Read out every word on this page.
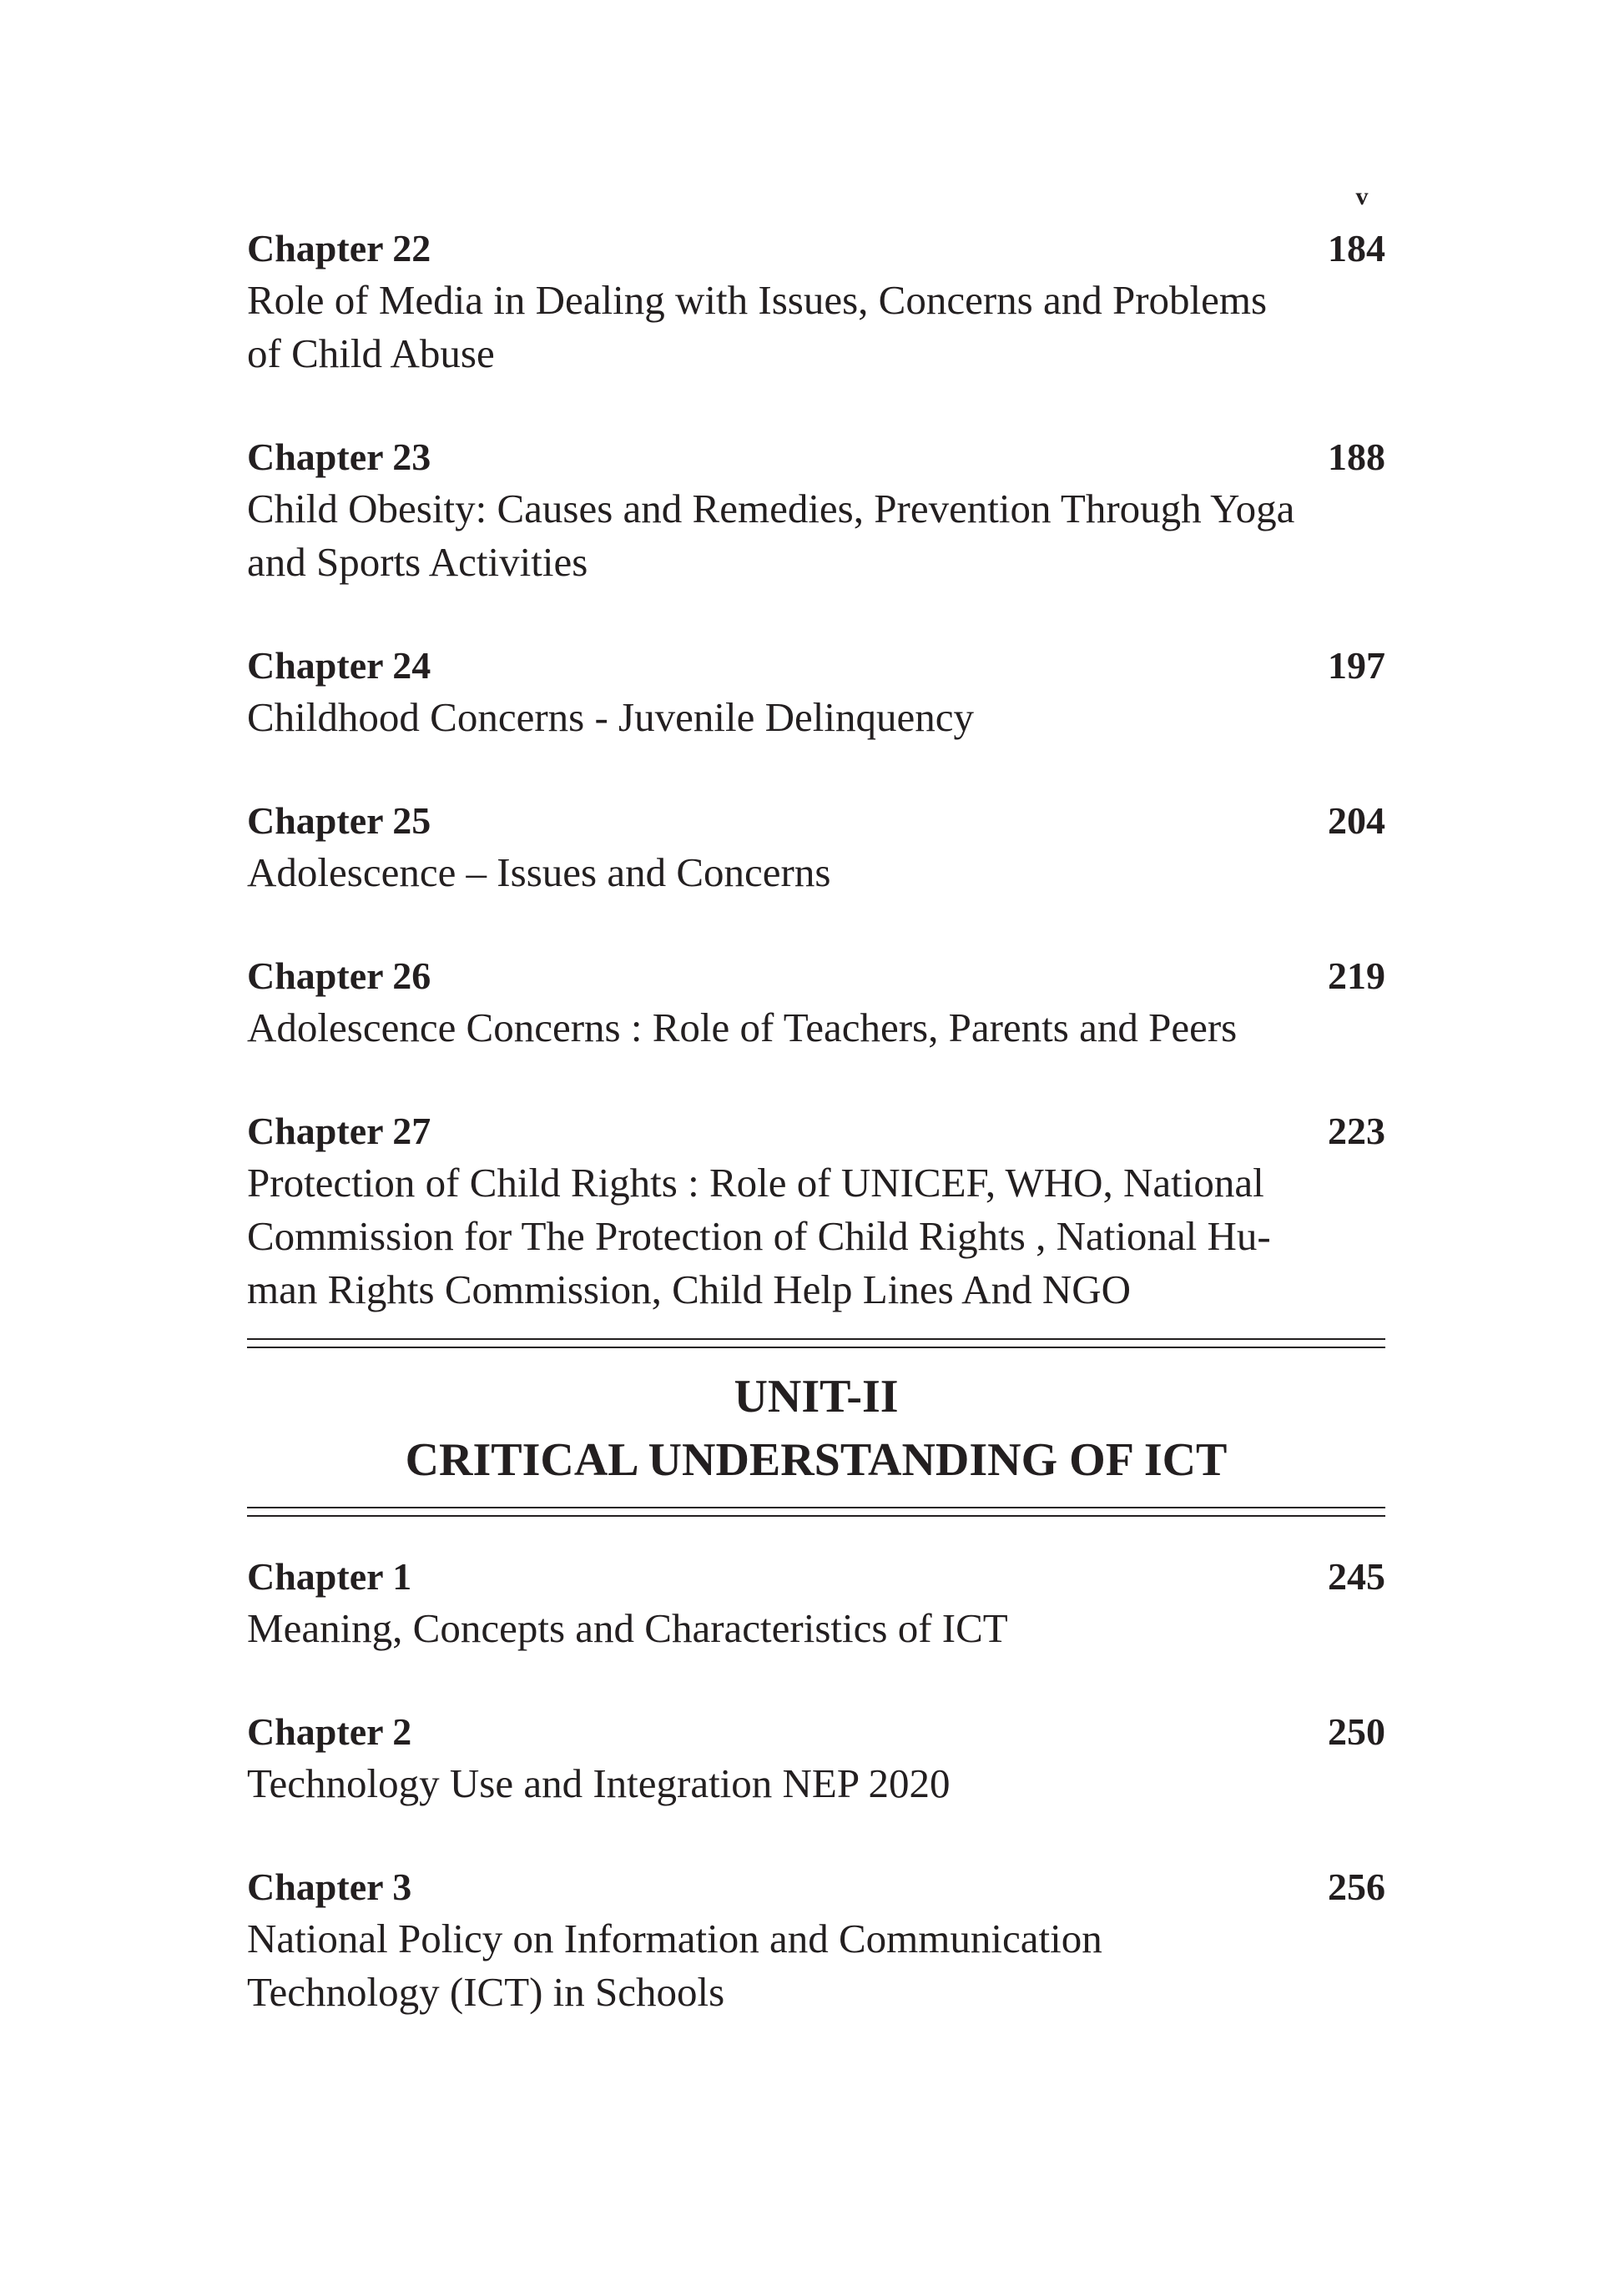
v
Chapter 22	184
Role of Media in Dealing with Issues, Concerns and Problems
of Child Abuse
Chapter 23	188
Child Obesity: Causes and Remedies, Prevention Through Yoga
and Sports Activities
Chapter 24	197
Childhood Concerns - Juvenile Delinquency
Chapter 25	204
Adolescence – Issues and Concerns
Chapter 26	219
Adolescence Concerns : Role of Teachers, Parents and Peers
Chapter 27	223
Protection of Child Rights : Role of UNICEF, WHO, National
Commission for The Protection of Child Rights , National Hu-
man Rights Commission, Child Help Lines And NGO
UNIT-II
CRITICAL UNDERSTANDING OF ICT
Chapter 1	245
Meaning, Concepts and Characteristics of ICT
Chapter 2	250
Technology Use and Integration NEP 2020
Chapter 3	256
National Policy on Information and Communication
Technology (ICT) in Schools
